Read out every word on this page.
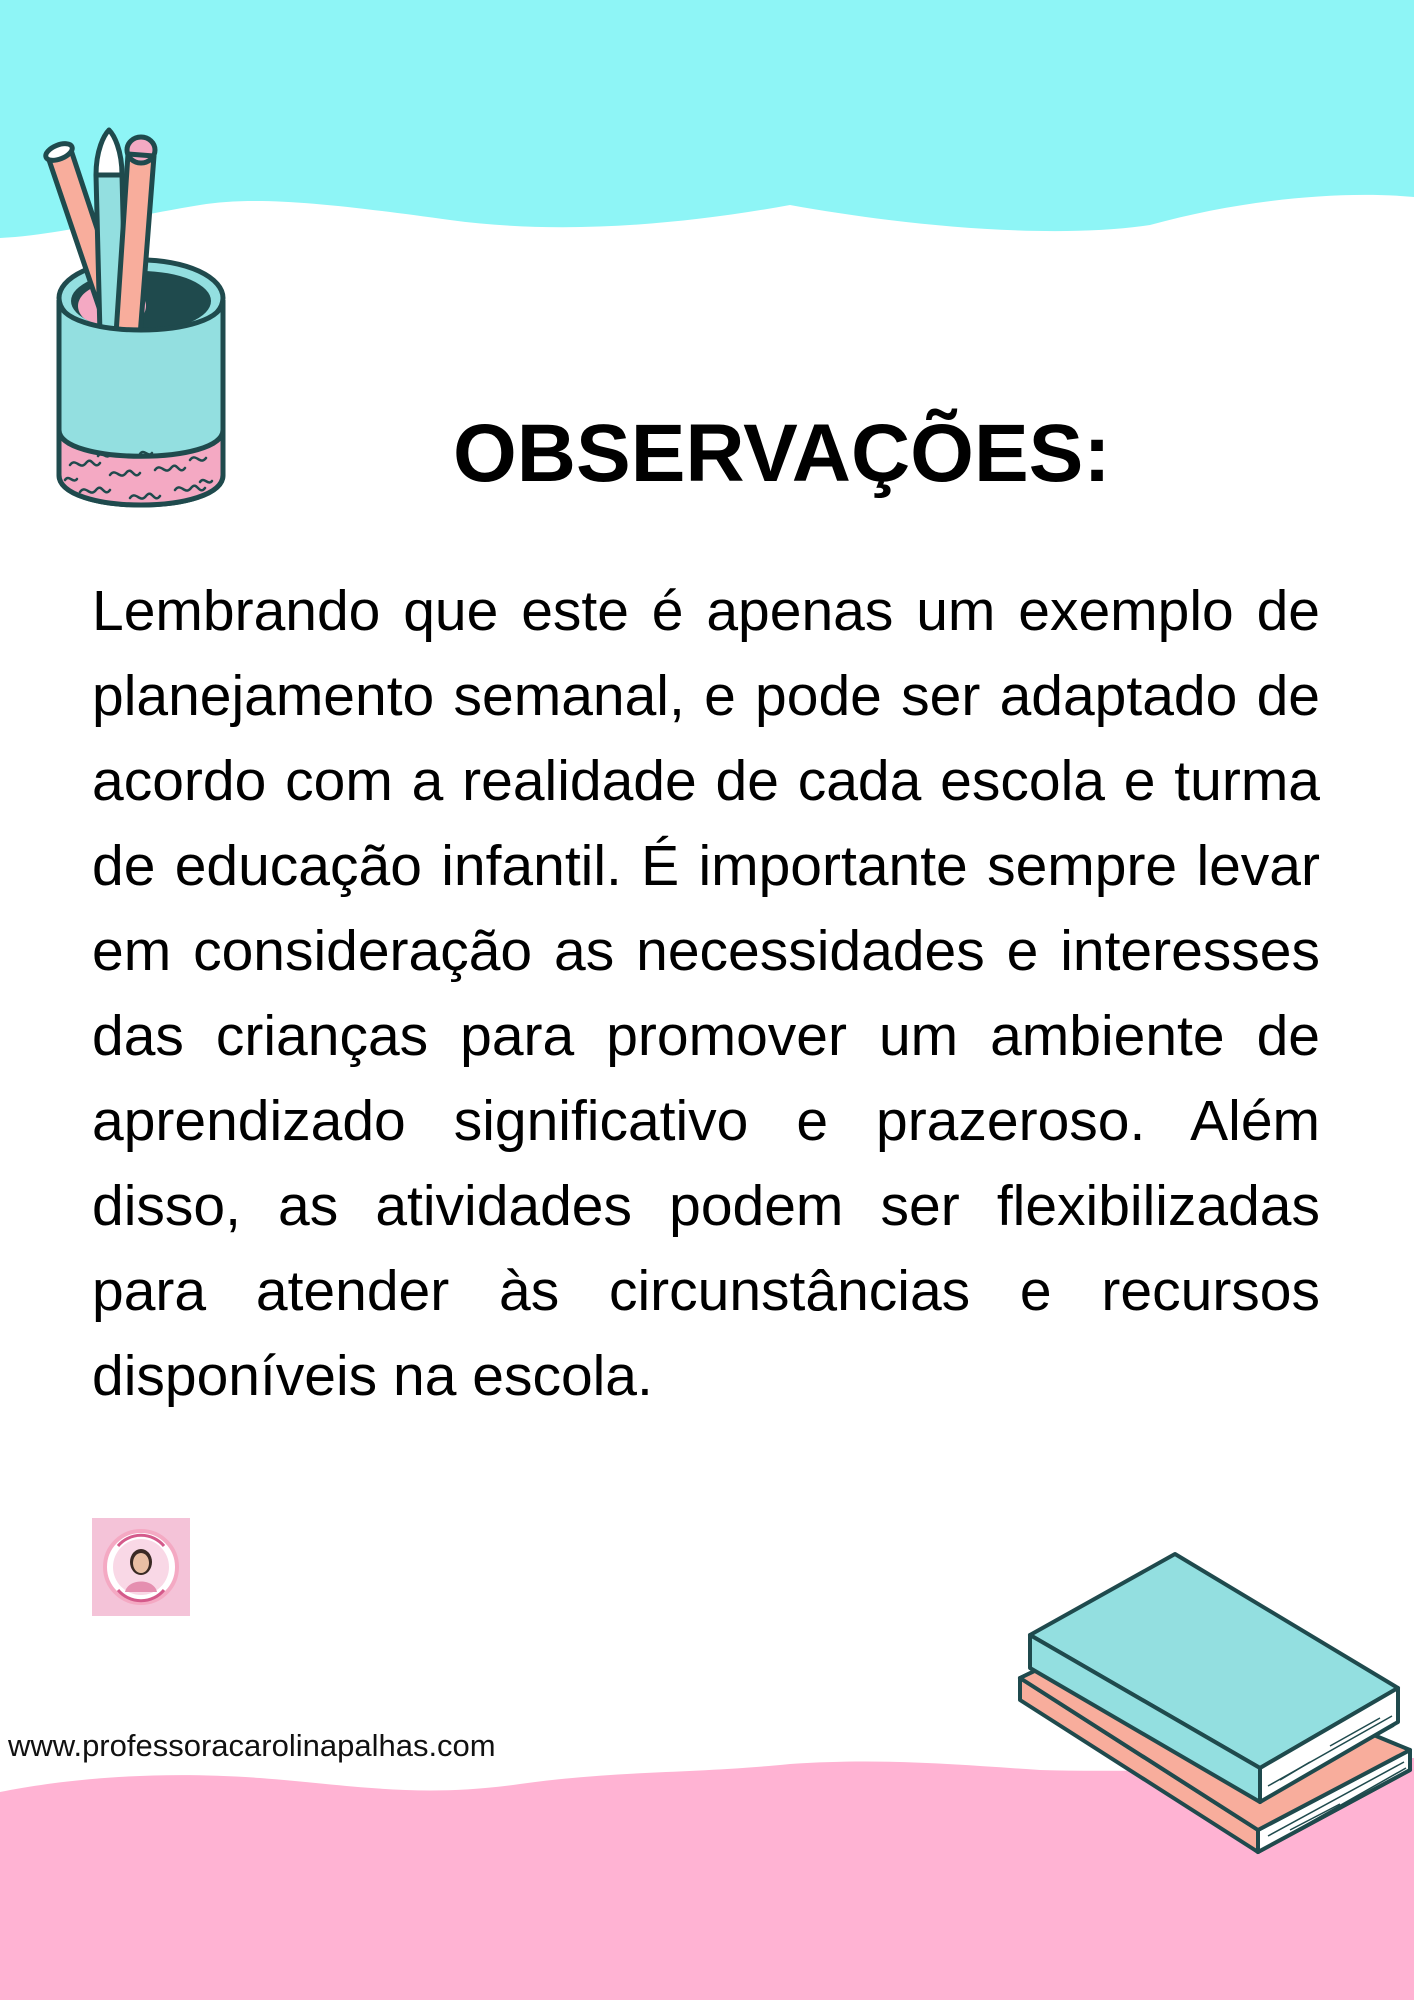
OBSERVAÇÕES:

Lembrando que este é apenas um exemplo de planejamento semanal, e pode ser adaptado de acordo com a realidade de cada escola e turma de educação infantil. É importante sempre levar em consideração as necessidades e interesses das crianças para promover um ambiente de aprendizado significativo e prazeroso. Além disso, as atividades podem ser flexibilizadas para atender às circunstâncias e recursos disponíveis na escola.

www.professoracarolinapalhas.com
